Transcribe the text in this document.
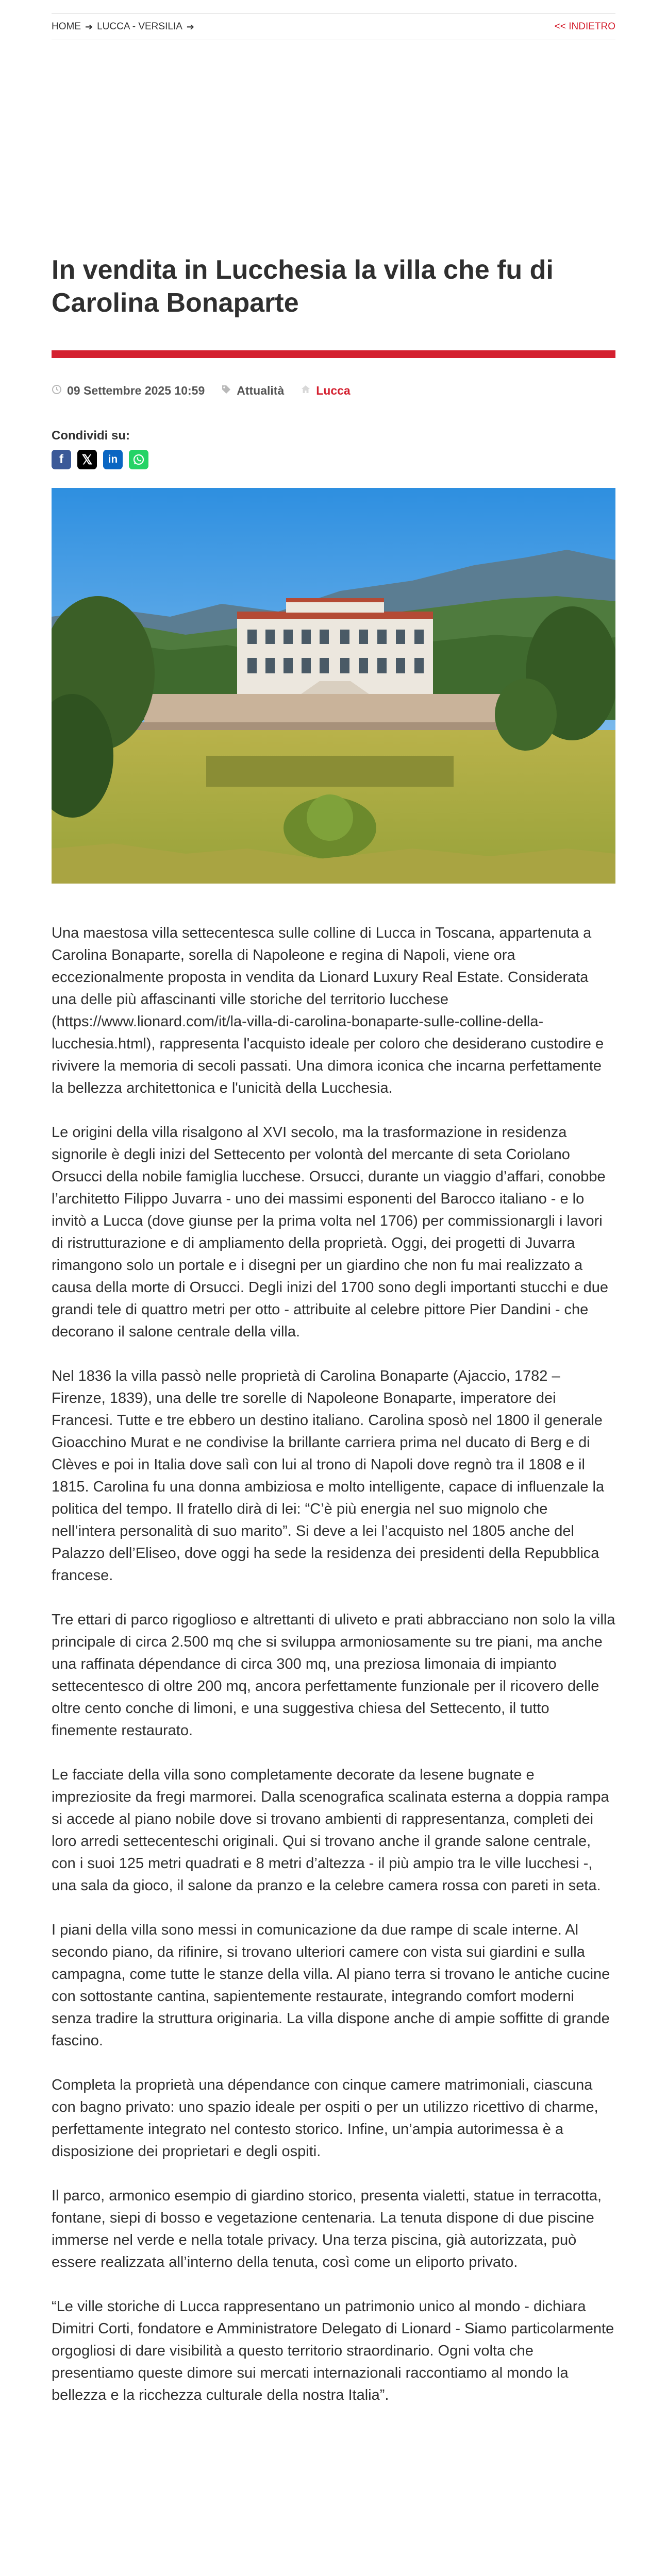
HOME ➔ LUCCA - VERSILIA ➔	<< INDIETRO
In vendita in Lucchesia la villa che fu di Carolina Bonaparte
09 Settembre 2025 10:59	Attualità	Lucca
Condividi su:
f	𝕏	in

Una maestosa villa settecentesca sulle colline di Lucca in Toscana, appartenuta a Carolina Bonaparte, sorella di Napoleone e regina di Napoli, viene ora eccezionalmente proposta in vendita da Lionard Luxury Real Estate. Considerata una delle più affascinanti ville storiche del territorio lucchese (https://www.lionard.com/it/la-villa-di-carolina-bonaparte-sulle-colline-della-lucchesia.html), rappresenta l'acquisto ideale per coloro che desiderano custodire e rivivere la memoria di secoli passati. Una dimora iconica che incarna perfettamente la bellezza architettonica e l'unicità della Lucchesia.

Le origini della villa risalgono al XVI secolo, ma la trasformazione in residenza signorile è degli inizi del Settecento per volontà del mercante di seta Coriolano Orsucci della nobile famiglia lucchese. Orsucci, durante un viaggio d’affari, conobbe l’architetto Filippo Juvarra - uno dei massimi esponenti del Barocco italiano - e lo invitò a Lucca (dove giunse per la prima volta nel 1706) per commissionargli i lavori di ristrutturazione e di ampliamento della proprietà. Oggi, dei progetti di Juvarra rimangono solo un portale e i disegni per un giardino che non fu mai realizzato a causa della morte di Orsucci. Degli inizi del 1700 sono degli importanti stucchi e due grandi tele di quattro metri per otto - attribuite al celebre pittore Pier Dandini - che decorano il salone centrale della villa.

Nel 1836 la villa passò nelle proprietà di Carolina Bonaparte (Ajaccio, 1782 – Firenze, 1839), una delle tre sorelle di Napoleone Bonaparte, imperatore dei Francesi. Tutte e tre ebbero un destino italiano. Carolina sposò nel 1800 il generale Gioacchino Murat e ne condivise la brillante carriera prima nel ducato di Berg e di Clèves e poi in Italia dove salì con lui al trono di Napoli dove regnò tra il 1808 e il 1815. Carolina fu una donna ambiziosa e molto intelligente, capace di influenzale la politica del tempo. Il fratello dirà di lei: “C’è più energia nel suo mignolo che nell’intera personalità di suo marito”. Si deve a lei l’acquisto nel 1805 anche del Palazzo dell’Eliseo, dove oggi ha sede la residenza dei presidenti della Repubblica francese.

Tre ettari di parco rigoglioso e altrettanti di uliveto e prati abbracciano non solo la villa principale di circa 2.500 mq che si sviluppa armoniosamente su tre piani, ma anche una raffinata dépendance di circa 300 mq, una preziosa limonaia di impianto settecentesco di oltre 200 mq, ancora perfettamente funzionale per il ricovero delle oltre cento conche di limoni, e una suggestiva chiesa del Settecento, il tutto finemente restaurato.

Le facciate della villa sono completamente decorate da lesene bugnate e impreziosite da fregi marmorei. Dalla scenografica scalinata esterna a doppia rampa si accede al piano nobile dove si trovano ambienti di rappresentanza, completi dei loro arredi settecenteschi originali. Qui si trovano anche il grande salone centrale, con i suoi 125 metri quadrati e 8 metri d’altezza - il più ampio tra le ville lucchesi -, una sala da gioco, il salone da pranzo e la celebre camera rossa con pareti in seta.

I piani della villa sono messi in comunicazione da due rampe di scale interne. Al secondo piano, da rifinire, si trovano ulteriori camere con vista sui giardini e sulla campagna, come tutte le stanze della villa. Al piano terra si trovano le antiche cucine con sottostante cantina, sapientemente restaurate, integrando comfort moderni senza tradire la struttura originaria. La villa dispone anche di ampie soffitte di grande fascino.

Completa la proprietà una dépendance con cinque camere matrimoniali, ciascuna con bagno privato: uno spazio ideale per ospiti o per un utilizzo ricettivo di charme, perfettamente integrato nel contesto storico. Infine, un’ampia autorimessa è a disposizione dei proprietari e degli ospiti.

Il parco, armonico esempio di giardino storico, presenta vialetti, statue in terracotta, fontane, siepi di bosso e vegetazione centenaria. La tenuta dispone di due piscine immerse nel verde e nella totale privacy. Una terza piscina, già autorizzata, può essere realizzata all’interno della tenuta, così come un eliporto privato.

“Le ville storiche di Lucca rappresentano un patrimonio unico al mondo - dichiara Dimitri Corti, fondatore e Amministratore Delegato di Lionard - Siamo particolarmente orgogliosi di dare visibilità a questo territorio straordinario. Ogni volta che presentiamo queste dimore sui mercati internazionali raccontiamo al mondo la bellezza e la ricchezza culturale della nostra Italia”.
